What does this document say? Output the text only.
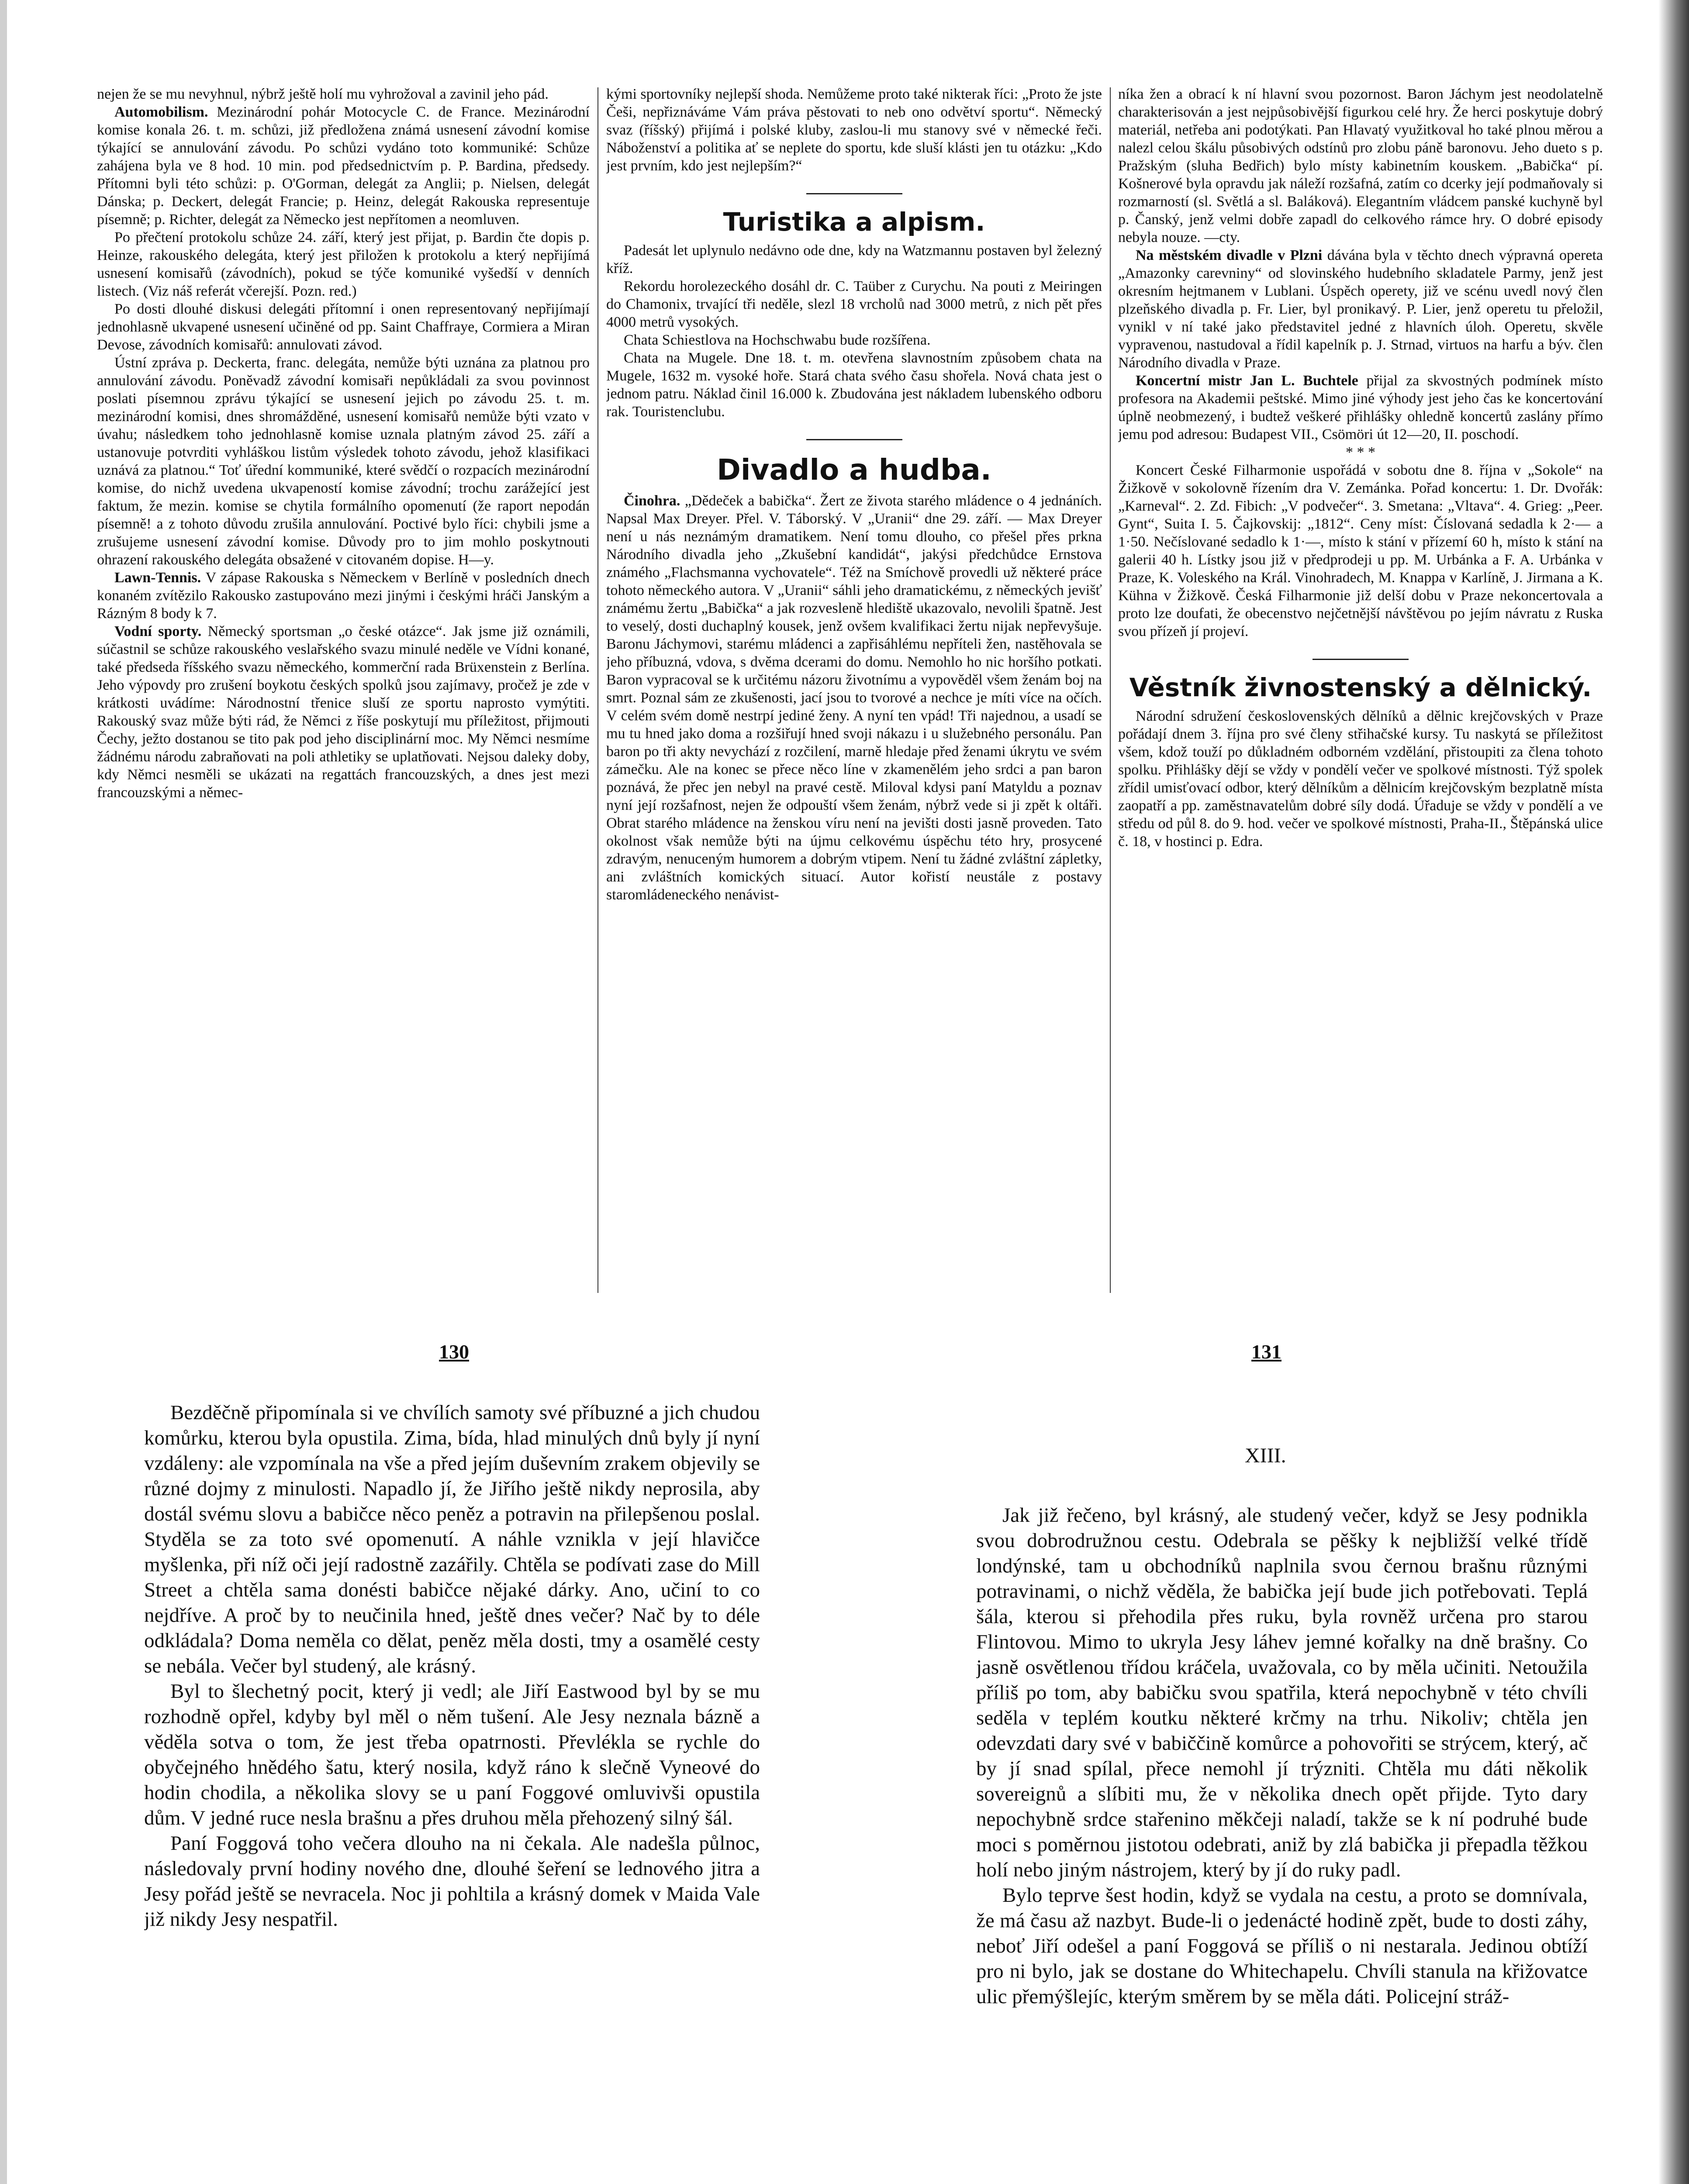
nejen že se mu nevyhnul, nýbrž ještě holí mu vyhrožoval a zavinil jeho pád.

Automobilism. Mezinárodní pohár Motocycle C. de France. Mezinárodní komise konala 26. t. m. schůzi, již předložena známá usnesení závodní komise týkající se annulování závodu. Po schůzi vydáno toto kommuniké: Schůze zahájena byla ve 8 hod. 10 min. pod předsednictvím p. P. Bardina, předsedy. Přítomni byli této schůzi: p. O'Gorman, delegát za Anglii; p. Nielsen, delegát Dánska; p. Deckert, delegát Francie; p. Heinz, delegát Rakouska representuje písemně; p. Richter, delegát za Německo jest nepřítomen a neomluven.

Po přečtení protokolu schůze 24. září, který jest přijat, p. Bardin čte dopis p. Heinze, rakouského delegáta, který jest přiložen k protokolu a který nepřijímá usnesení komisařů (závodních), pokud se týče komuniké vyšedší v denních listech. (Viz náš referát včerejší. Pozn. red.)

Po dosti dlouhé diskusi delegáti přítomní i onen representovaný nepřijímají jednohlasně ukvapené usnesení učiněné od pp. Saint Chaffraye, Cormiera a Miran Devose, závodních komisařů: annulovati závod.

Ústní zpráva p. Deckerta, franc. delegáta, nemůže býti uznána za platnou pro annulování závodu. Poněvadž závodní komisaři nepůkládali za svou povinnost poslati písemnou zprávu týkající se usnesení jejich po závodu 25. t. m. mezinárodní komisi, dnes shromážděné, usnesení komisařů nemůže býti vzato v úvahu; následkem toho jednohlasně komise uznala platným závod 25. září a ustanovuje potvrditi vyhláškou listům výsledek tohoto závodu, jehož klasifikaci uznává za platnou.“ Toť úřední kommuniké, které svědčí o rozpacích mezinárodní komise, do nichž uvedena ukvapeností komise závodní; trochu zarážející jest faktum, že mezin. komise se chytila formálního opomenutí (že raport nepodán písemně! a z tohoto důvodu zrušila annulování. Poctivé bylo říci: chybili jsme a zrušujeme usnesení závodní komise. Důvody pro to jim mohlo poskytnouti ohrazení rakouského delegáta obsažené v citovaném dopise. H—y.

Lawn-Tennis. V zápase Rakouska s Německem v Berlíně v posledních dnech konaném zvítězilo Rakousko zastupováno mezi jinými i českými hráči Janským a Rázným 8 body k 7.

Vodní sporty. Německý sportsman „o české otázce“. Jak jsme již oznámili, súčastnil se schůze rakouského veslařského svazu minulé neděle ve Vídni konané, také předseda říšského svazu německého, kommerční rada Brüxenstein z Berlína. Jeho výpovdy pro zrušení boykotu českých spolků jsou zajímavy, pročež je zde v krátkosti uvádíme: Národnostní třenice sluší ze sportu naprosto vymýtiti. Rakouský svaz může býti rád, že Němci z říše poskytují mu příležitost, přijmouti Čechy, ježto dostanou se tito pak pod jeho disciplinární moc. My Němci nesmíme žádnému národu zabraňovati na poli athletiky se uplatňovati. Nejsou daleky doby, kdy Němci nesměli se ukázati na regattách francouzských, a dnes jest mezi francouzskými a němec-

kými sportovníky nejlepší shoda. Nemůžeme proto také nikterak říci: „Proto že jste Češi, nepřiznáváme Vám práva pěstovati to neb ono odvětví sportu“. Německý svaz (říšský) přijímá i polské kluby, zaslou-li mu stanovy své v německé řeči. Náboženství a politika ať se neplete do sportu, kde sluší klásti jen tu otázku: „Kdo jest prvním, kdo jest nejlepším?“

Turistika a alpism.

Padesát let uplynulo nedávno ode dne, kdy na Watzmannu postaven byl železný kříž.

Rekordu horolezeckého dosáhl dr. C. Taüber z Curychu. Na pouti z Meiringen do Chamonix, trvající tři neděle, slezl 18 vrcholů nad 3000 metrů, z nich pět přes 4000 metrů vysokých.

Chata Schiestlova na Hochschwabu bude rozšířena.

Chata na Mugele. Dne 18. t. m. otevřena slavnostním způsobem chata na Mugele, 1632 m. vysoké hoře. Stará chata svého času shořela. Nová chata jest o jednom patru. Náklad činil 16.000 k. Zbudována jest nákladem lubenského odboru rak. Touristenclubu.

Divadlo a hudba.

Činohra. „Dědeček a babička“. Žert ze života starého mládence o 4 jednáních. Napsal Max Dreyer. Přel. V. Táborský. V „Uranii“ dne 29. září. — Max Dreyer není u nás neznámým dramatikem. Není tomu dlouho, co přešel přes prkna Národního divadla jeho „Zkušební kandidát“, jakýsi předchůdce Ernstova známého „Flachsmanna vychovatele“. Též na Smíchově provedli už některé práce tohoto německého autora. V „Uranii“ sáhli jeho dramatickému, z německých jevišť známému žertu „Babička“ a jak rozvesleně hlediště ukazovalo, nevolili špatně. Jest to veselý, dosti duchaplný kousek, jenž ovšem kvalifikaci žertu nijak nepřevyšuje. Baronu Jáchymovi, starému mládenci a zapřisáhlému nepříteli žen, nastěhovala se jeho příbuzná, vdova, s dvěma dcerami do domu. Nemohlo ho nic horšího potkati. Baron vypracoval se k určitému názoru životnímu a vypověděl všem ženám boj na smrt. Poznal sám ze zkušenosti, jací jsou to tvorové a nechce je míti více na očích. V celém svém domě nestrpí jediné ženy. A nyní ten vpád! Tři najednou, a usadí se mu tu hned jako doma a rozšiřují hned svoji nákazu i u služebného personálu. Pan baron po tři akty nevychází z rozčilení, marně hledaje před ženami úkrytu ve svém zámečku. Ale na konec se přece něco líne v zkamenělém jeho srdci a pan baron poznává, že přec jen nebyl na pravé cestě. Miloval kdysi paní Matyldu a poznav nyní její rozšafnost, nejen že odpouští všem ženám, nýbrž vede si ji zpět k oltáři. Obrat starého mládence na ženskou víru není na jevišti dosti jasně proveden. Tato okolnost však nemůže býti na újmu celkovému úspěchu této hry, prosycené zdravým, nenuceným humorem a dobrým vtipem. Není tu žádné zvláštní zápletky, ani zvláštních komických situací. Autor kořistí neustále z postavy staromládeneckého nenávist-

níka žen a obrací k ní hlavní svou pozornost. Baron Jáchym jest neodolatelně charakterisován a jest nejpůsobivější figurkou celé hry. Že herci poskytuje dobrý materiál, netřeba ani podotýkati. Pan Hlavatý využitkoval ho také plnou měrou a nalezl celou škálu působivých odstínů pro zlobu páně baronovu. Jeho dueto s p. Pražským (sluha Bedřich) bylo místy kabinetním kouskem. „Babička“ pí. Košnerové byla opravdu jak náleží rozšafná, zatím co dcerky její podmaňovaly si rozmarností (sl. Světlá a sl. Baláková). Elegantním vládcem panské kuchyně byl p. Čanský, jenž velmi dobře zapadl do celkového rámce hry. O dobré episody nebyla nouze. —cty.

Na městském divadle v Plzni dávána byla v těchto dnech výpravná opereta „Amazonky carevniny“ od slovinského hudebního skladatele Parmy, jenž jest okresním hejtmanem v Lublani. Úspěch operety, již ve scénu uvedl nový člen plzeňského divadla p. Fr. Lier, byl pronikavý. P. Lier, jenž operetu tu přeložil, vynikl v ní také jako představitel jedné z hlavních úloh. Operetu, skvěle vypravenou, nastudoval a řídil kapelník p. J. Strnad, virtuos na harfu a býv. člen Národního divadla v Praze.

Koncertní mistr Jan L. Buchtele přijal za skvostných podmínek místo profesora na Akademii peštské. Mimo jiné výhody jest jeho čas ke koncertování úplně neobmezený, i budtež veškeré přihlášky ohledně koncertů zaslány přímo jemu pod adresou: Budapest VII., Csömöri út 12—20, II. poschodí.

* * *

Koncert České Filharmonie uspořádá v sobotu dne 8. října v „Sokole“ na Žižkově v sokolovně řízením dra V. Zemánka. Pořad koncertu: 1. Dr. Dvořák: „Karneval“. 2. Zd. Fibich: „V podvečer“. 3. Smetana: „Vltava“. 4. Grieg: „Peer. Gynt“, Suita I. 5. Čajkovskij: „1812“. Ceny míst: Číslovaná sedadla k 2·— a 1·50. Nečíslované sedadlo k 1·—, místo k stání v přízemí 60 h, místo k stání na galerii 40 h. Lístky jsou již v předprodeji u pp. M. Urbánka a F. A. Urbánka v Praze, K. Voleského na Král. Vinohradech, M. Knappa v Karlíně, J. Jirmana a K. Kühna v Žižkově. Česká Filharmonie již delší dobu v Praze nekoncertovala a proto lze doufati, že obecenstvo nejčetnější návštěvou po jejím návratu z Ruska svou přízeň jí projeví.

Věstník živnostenský a dělnický.

Národní sdružení československých dělníků a dělnic krejčovských v Praze pořádají dnem 3. října pro své členy střihačské kursy. Tu naskytá se příležitost všem, kdož touží po důkladném odborném vzdělání, přistoupiti za člena tohoto spolku. Přihlášky dějí se vždy v pondělí večer ve spolkové místnosti. Týž spolek zřídil umisťovací odbor, který dělníkům a dělnicím krejčovským bezplatně místa zaopatří a pp. zaměstnavatelům dobré síly dodá. Úřaduje se vždy v pondělí a ve středu od půl 8. do 9. hod. večer ve spolkové místnosti, Praha-II., Štěpánská ulice č. 18, v hostinci p. Edra.

130	131

Bezděčně připomínala si ve chvílích samoty své příbuzné a jich chudou komůrku, kterou byla opustila. Zima, bída, hlad minulých dnů byly jí nyní vzdáleny: ale vzpomínala na vše a před jejím duševním zrakem objevily se různé dojmy z minulosti. Napadlo jí, že Jiřího ještě nikdy neprosila, aby dostál svému slovu a babičce něco peněz a potravin na přilepšenou poslal. Styděla se za toto své opomenutí. A náhle vznikla v její hlavičce myšlenka, při níž oči její radostně zazářily. Chtěla se podívati zase do Mill Street a chtěla sama donésti babičce nějaké dárky. Ano, učiní to co nejdříve. A proč by to neučinila hned, ještě dnes večer? Nač by to déle odkládala? Doma neměla co dělat, peněz měla dosti, tmy a osamělé cesty se nebála. Večer byl studený, ale krásný.

Byl to šlechetný pocit, který ji vedl; ale Jiří Eastwood byl by se mu rozhodně opřel, kdyby byl měl o něm tušení. Ale Jesy neznala bázně a věděla sotva o tom, že jest třeba opatrnosti. Převlékla se rychle do obyčejného hnědého šatu, který nosila, když ráno k slečně Vyneové do hodin chodila, a několika slovy se u paní Foggové omluvivši opustila dům. V jedné ruce nesla brašnu a přes druhou měla přehozený silný šál.

Paní Foggová toho večera dlouho na ni čekala. Ale nadešla půlnoc, následovaly první hodiny nového dne, dlouhé šeření se lednového jitra a Jesy pořád ještě se nevracela. Noc ji pohltila a krásný domek v Maida Vale již nikdy Jesy nespatřil.

XIII.

Jak již řečeno, byl krásný, ale studený večer, když se Jesy podnikla svou dobrodružnou cestu. Odebrala se pěšky k nejbližší velké třídě londýnské, tam u obchodníků naplnila svou černou brašnu různými potravinami, o nichž věděla, že babička její bude jich potřebovati. Teplá šála, kterou si přehodila přes ruku, byla rovněž určena pro starou Flintovou. Mimo to ukryla Jesy láhev jemné kořalky na dně brašny. Co jasně osvětlenou třídou kráčela, uvažovala, co by měla učiniti. Netoužila příliš po tom, aby babičku svou spatřila, která nepochybně v této chvíli seděla v teplém koutku některé krčmy na trhu. Nikoliv; chtěla jen odevzdati dary své v babiččině komůrce a pohovořiti se strýcem, který, ač by jí snad spílal, přece nemohl jí trýzniti. Chtěla mu dáti několik sovereignů a slíbiti mu, že v několika dnech opět přijde. Tyto dary nepochybně srdce stařenino měkčeji naladí, takže se k ní podruhé bude moci s poměrnou jistotou odebrati, aniž by zlá babička ji přepadla těžkou holí nebo jiným nástrojem, který by jí do ruky padl.

Bylo teprve šest hodin, když se vydala na cestu, a proto se domnívala, že má času až nazbyt. Bude-li o jedenácté hodině zpět, bude to dosti záhy, neboť Jiří odešel a paní Foggová se příliš o ni nestarala. Jedinou obtíží pro ni bylo, jak se dostane do Whitechapelu. Chvíli stanula na křižovatce ulic přemýšlejíc, kterým směrem by se měla dáti. Policejní stráž-
